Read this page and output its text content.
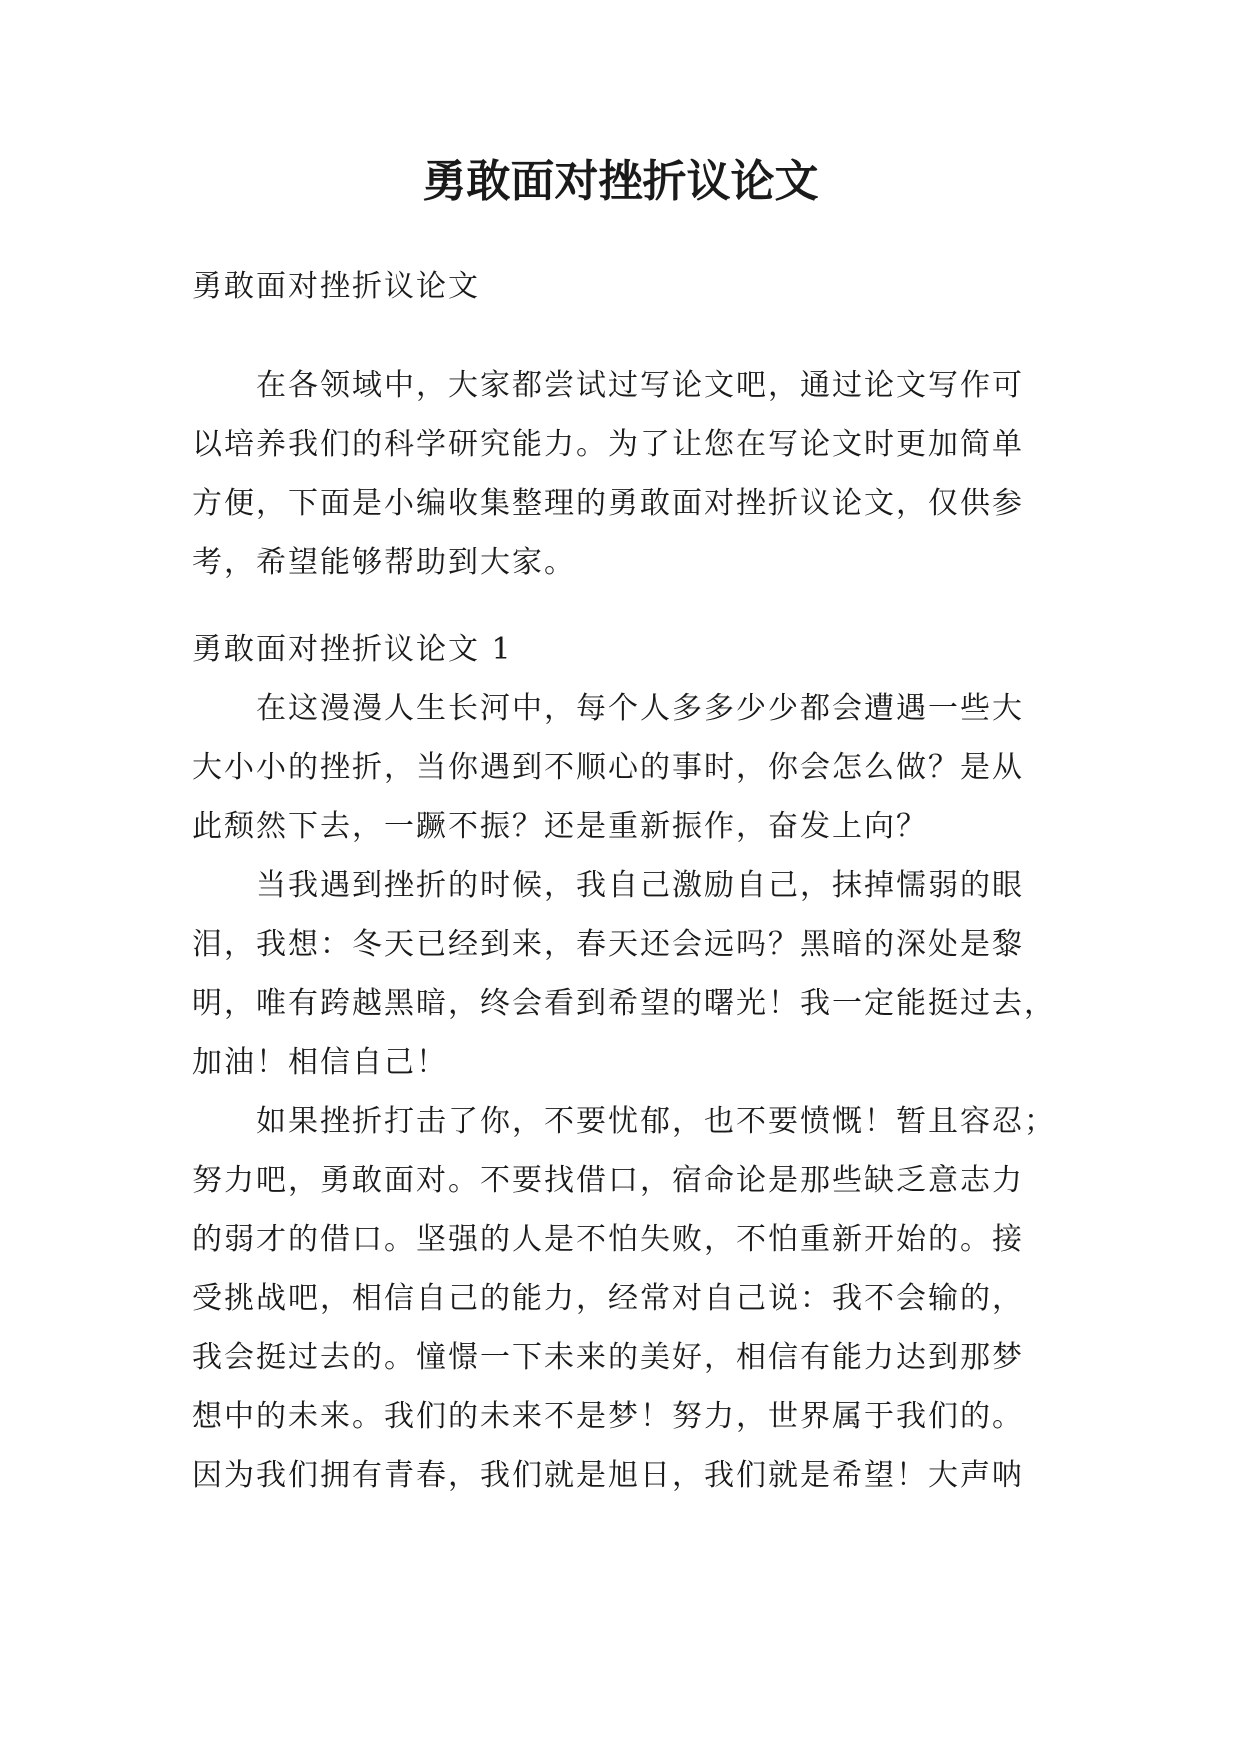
勇敢面对挫折议论文
勇敢面对挫折议论文
在各领域中，大家都尝试过写论文吧，通过论文写作可
以培养我们的科学研究能力。为了让您在写论文时更加简单
方便，下面是小编收集整理的勇敢面对挫折议论文，仅供参
考，希望能够帮助到大家。
勇敢面对挫折议论文 1
在这漫漫人生长河中，每个人多多少少都会遭遇一些大
大小小的挫折，当你遇到不顺心的事时，你会怎么做？是从
此颓然下去，一蹶不振？还是重新振作，奋发上向？
当我遇到挫折的时候，我自己激励自己，抹掉懦弱的眼
泪，我想：冬天已经到来，春天还会远吗？黑暗的深处是黎
明，唯有跨越黑暗，终会看到希望的曙光！我一定能挺过去，
加油！相信自己！
如果挫折打击了你，不要忧郁，也不要愤慨！暂且容忍；
努力吧，勇敢面对。不要找借口，宿命论是那些缺乏意志力
的弱才的借口。坚强的人是不怕失败，不怕重新开始的。接
受挑战吧，相信自己的能力，经常对自己说：我不会输的，
我会挺过去的。憧憬一下未来的美好，相信有能力达到那梦
想中的未来。我们的未来不是梦！努力，世界属于我们的。
因为我们拥有青春，我们就是旭日，我们就是希望！大声呐
